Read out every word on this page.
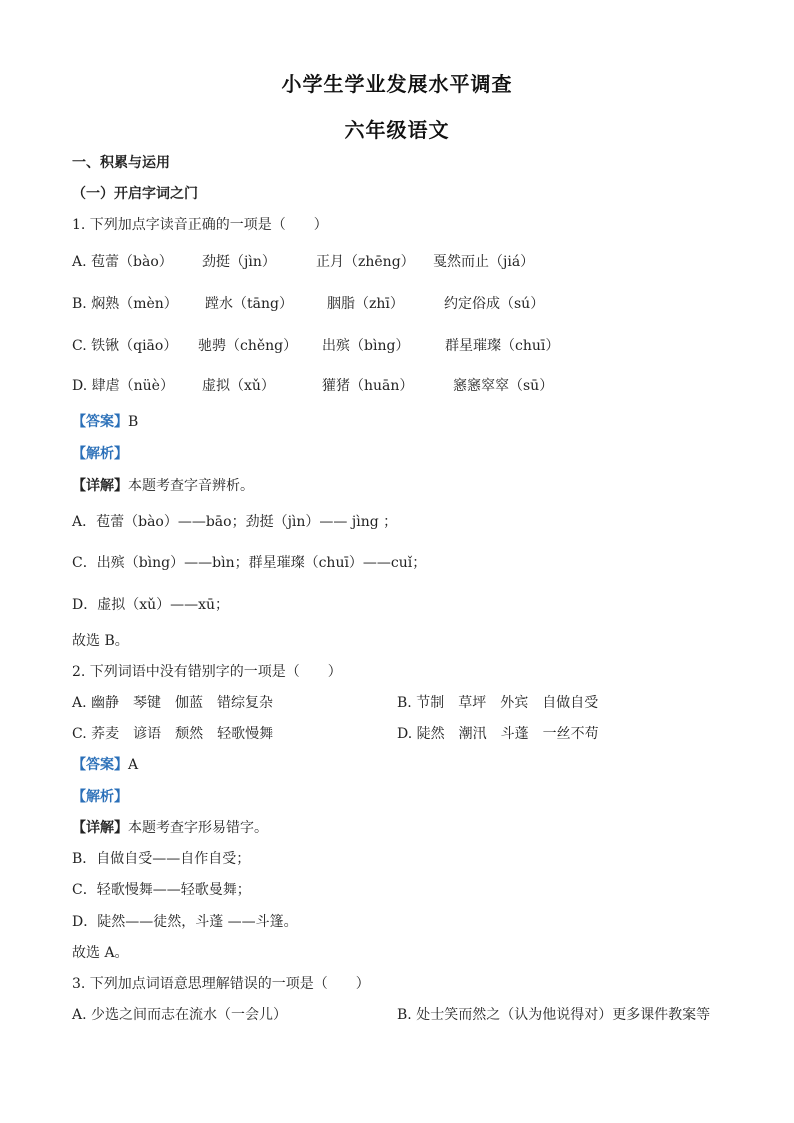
小学生学业发展水平调查
六年级语文
一、积累与运用
（一）开启字词之门
1. 下列加点字读音正确的一项是（　　）
A. 苞蕾（bào） 劲挺（jìn）	正月（zhēng） 戛然而止（jiá）
B. 焖熟（mèn） 蹚水（tāng） 胭脂（zhī）	约定俗成（sú）
C. 铁锹（qiāo） 驰骋（chěng） 出殡（bìng）	群星璀璨（chuī）
D. 肆虐（nüè） 虚拟（xǔ）	獾猪（huān）	窸窸窣窣（sū）
【答案】B
【解析】
【详解】本题考查字音辨析。
A．苞蕾（bào）——bāo；劲挺（jìn）—— jìng ；
C．出殡（bìng）——bìn；群星璀璨（chuī）——cuǐ；
D．虚拟（xǔ）——xū；
故选 B。
2. 下列词语中没有错别字的一项是（　　）
A. 幽静　琴键　伽蓝　错综复杂	B. 节制　草坪　外宾　自做自受
C. 荞麦　谚语　颓然　轻歌慢舞	D. 陡然　潮汛　斗蓬　一丝不苟
【答案】A
【解析】
【详解】本题考查字形易错字。
B．自做自受——自作自受；
C．轻歌慢舞——轻歌曼舞；
D．陡然——徒然，斗蓬 ——斗篷。
故选 A。
3. 下列加点词语意思理解错误的一项是（　　）
A. 少选之间而志在流水（一会儿）	B. 处士笑而然之（认为他说得对）更多课件教案等
